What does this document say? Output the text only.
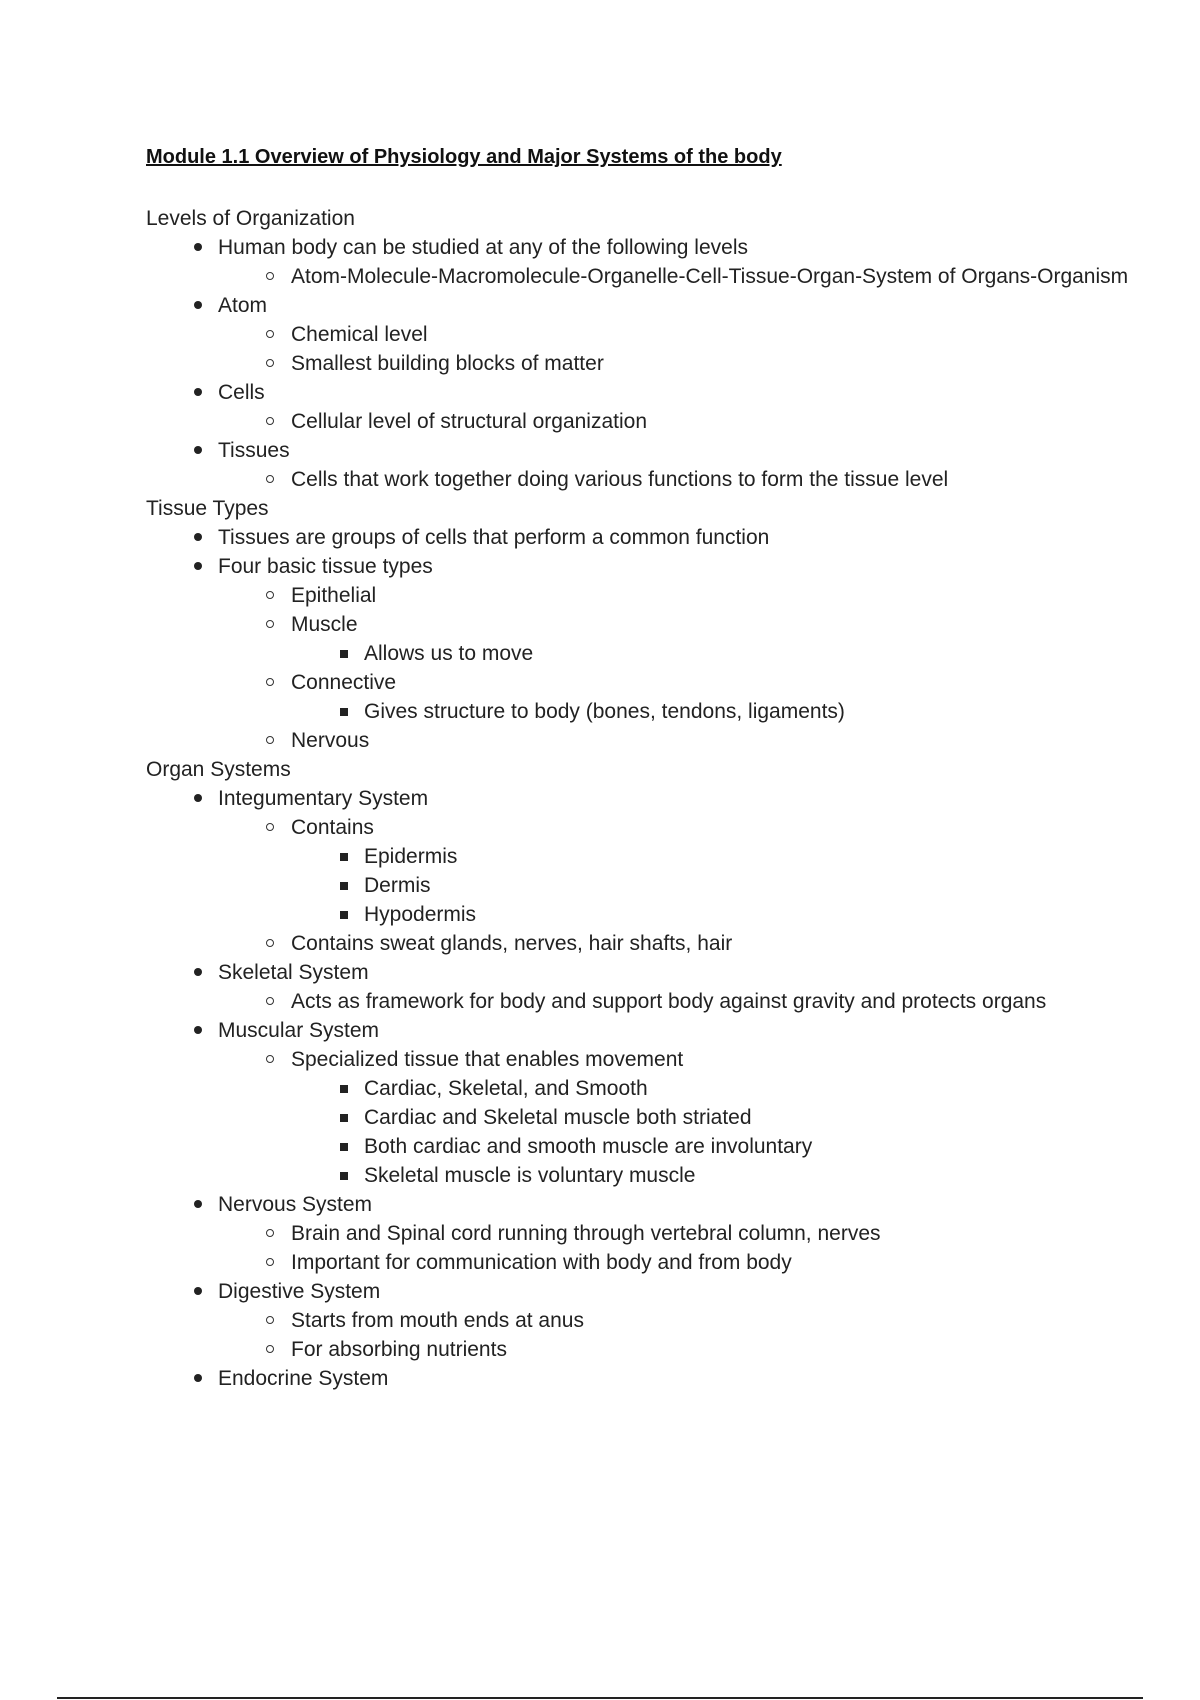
Module 1.1 Overview of Physiology and Major Systems of the body
Levels of Organization
Human body can be studied at any of the following levels
Atom-Molecule-Macromolecule-Organelle-Cell-Tissue-Organ-System of Organs-Organism
Atom
Chemical level
Smallest building blocks of matter
Cells
Cellular level of structural organization
Tissues
Cells that work together doing various functions to form the tissue level
Tissue Types
Tissues are groups of cells that perform a common function
Four basic tissue types
Epithelial
Muscle
Allows us to move
Connective
Gives structure to body (bones, tendons, ligaments)
Nervous
Organ Systems
Integumentary System
Contains
Epidermis
Dermis
Hypodermis
Contains sweat glands, nerves, hair shafts, hair
Skeletal System
Acts as framework for body and support body against gravity and protects organs
Muscular System
Specialized tissue that enables movement
Cardiac, Skeletal, and Smooth
Cardiac and Skeletal muscle both striated
Both cardiac and smooth muscle are involuntary
Skeletal muscle is voluntary muscle
Nervous System
Brain and Spinal cord running through vertebral column, nerves
Important for communication with body and from body
Digestive System
Starts from mouth ends at anus
For absorbing nutrients
Endocrine System
